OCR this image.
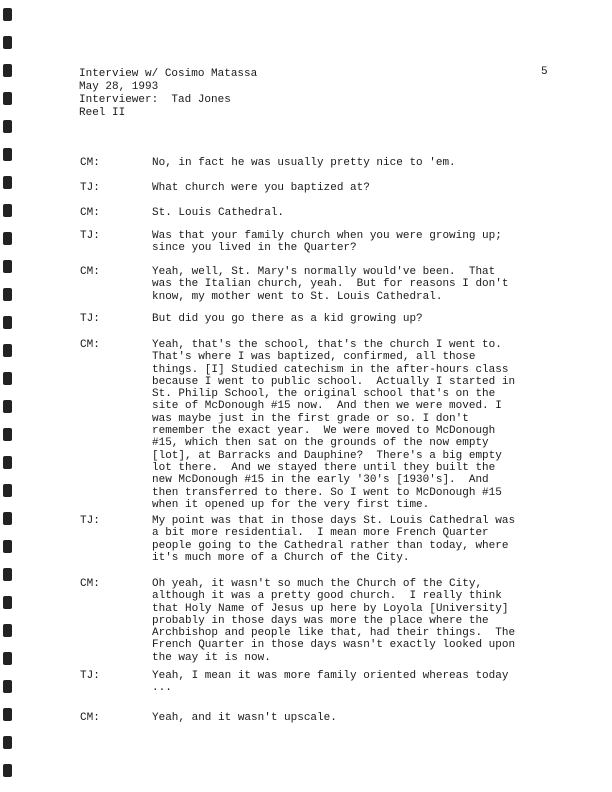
5
Interview w/ Cosimo Matassa
May 28, 1993
Interviewer:  Tad Jones
Reel II
CM:	No, in fact he was usually pretty nice to 'em.
TJ:	What church were you baptized at?
CM:	St. Louis Cathedral.
TJ:	Was that your family church when you were growing up;
since you lived in the Quarter?
CM:	Yeah, well, St. Mary's normally would've been.  That
was the Italian church, yeah.  But for reasons I don't
know, my mother went to St. Louis Cathedral.
TJ:	But did you go there as a kid growing up?
CM:	Yeah, that's the school, that's the church I went to.
That's where I was baptized, confirmed, all those
things. [I] Studied catechism in the after-hours class
because I went to public school.  Actually I started in
St. Philip School, the original school that's on the
site of McDonough #15 now.  And then we were moved. I
was maybe just in the first grade or so. I don't
remember the exact year.  We were moved to McDonough
#15, which then sat on the grounds of the now empty
[lot], at Barracks and Dauphine?  There's a big empty
lot there.  And we stayed there until they built the
new McDonough #15 in the early '30's [1930's].  And
then transferred to there. So I went to McDonough #15
when it opened up for the very first time.
TJ:	My point was that in those days St. Louis Cathedral was
a bit more residential.  I mean more French Quarter
people going to the Cathedral rather than today, where
it's much more of a Church of the City.
CM:	Oh yeah, it wasn't so much the Church of the City,
although it was a pretty good church.  I really think
that Holy Name of Jesus up here by Loyola [University]
probably in those days was more the place where the
Archbishop and people like that, had their things.  The
French Quarter in those days wasn't exactly looked upon
the way it is now.
TJ:	Yeah, I mean it was more family oriented whereas today
...
CM:	Yeah, and it wasn't upscale.
